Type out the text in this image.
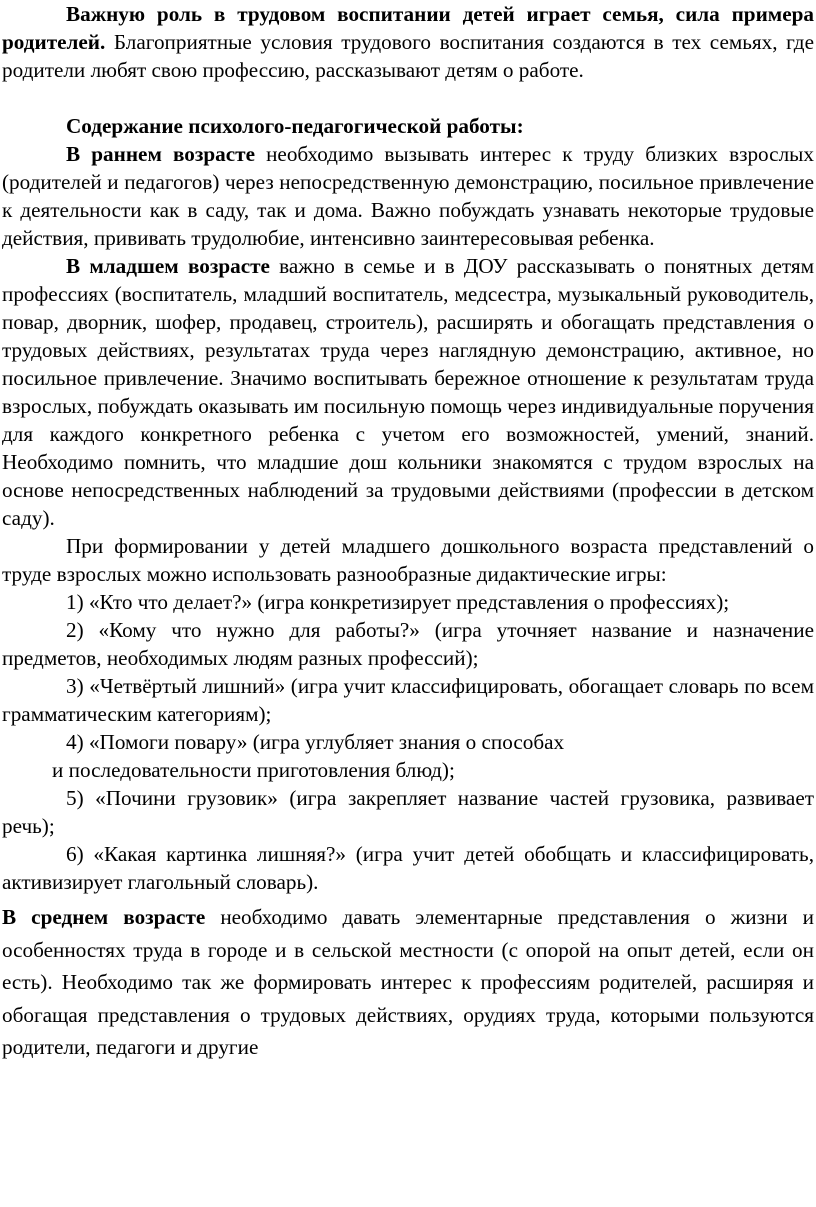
Важную роль в трудовом воспитании детей играет семья, сила примера родителей. Благоприятные условия трудового воспитания создаются в тех семьях, где родители любят свою профессию, рассказывают детям о работе.

Содержание психолого-педагогической работы:

В раннем возрасте необходимо вызывать интерес к труду близких взрослых (родителей и педагогов) через непосредственную демонстрацию, посильное привлечение к деятельности как в саду, так и дома. Важно побуждать узнавать некоторые трудовые действия, прививать трудолюбие, интенсивно заинтересовывая ребенка.

В младшем возрасте важно в семье и в ДОУ рассказывать о понятных детям профессиях (воспитатель, младший воспитатель, медсестра, музыкальный руководитель, повар, дворник, шофер, продавец, строитель), расширять и обогащать представления о трудовых действиях, результатах труда через наглядную демонстрацию, активное, но посильное привлечение. Значимо воспитывать бережное отношение к результатам труда взрослых, побуждать оказывать им посильную помощь через индивидуальные поручения для каждого конкретного ребенка с учетом его возможностей, умений, знаний. Необходимо помнить, что младшие дош кольники знакомятся с трудом взрослых на основе непосредственных наблюдений за трудовыми действиями (профессии в детском саду).

При формировании у детей младшего дошкольного возраста представлений о труде взрослых можно использовать разнообразные дидактические игры:

1) «Кто что делает?» (игра конкретизирует представления о профессиях);

2) «Кому что нужно для работы?» (игра уточняет название и назначение предметов, необходимых людям разных профессий);

3) «Четвёртый лишний» (игра учит классифицировать, обогащает словарь по всем грамматическим категориям);

4) «Помоги повару» (игра углубляет знания о способах

и последовательности приготовления блюд);

5) «Почини грузовик» (игра закрепляет название частей грузовика, развивает речь);

6) «Какая картинка лишняя?» (игра учит детей обобщать и классифицировать, активизирует глагольный словарь).

В среднем возрасте необходимо давать элементарные представления о жизни и особенностях труда в городе и в сельской местности (с опорой на опыт детей, если он есть). Необходимо так же формировать интерес к профессиям родителей, расширяя и обогащая представления о трудовых действиях, орудиях труда, которыми пользуются родители, педагоги и другие
